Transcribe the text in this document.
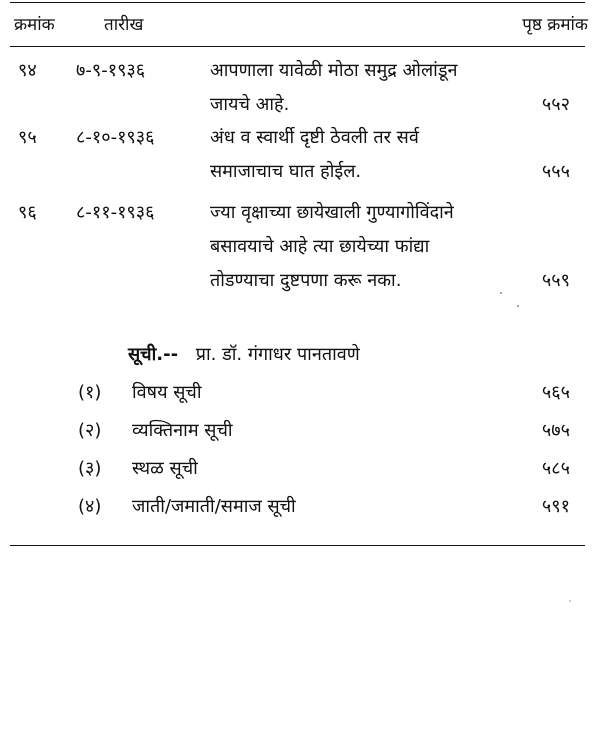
क्रमांक	तारीख	पृष्ठ क्रमांक
९४ ७-९-१९३६	आपणाला यावेळी मोठा समुद्र ओलांडून
जायचे आहे.	५५२
९५ ८-१०-१९३६	अंध व स्वार्थी दृष्टी ठेवली तर सर्व
समाजाचाच घात होईल.	५५५
९६ ८-११-१९३६	ज्या वृक्षाच्या छायेखाली गुण्यागोविंदाने
बसावयाचे आहे त्या छायेच्या फांद्या
तोडण्याचा दुष्टपणा करू नका.	५५९
सूची.-- प्रा. डॉ. गंगाधर पानतावणे
(१) विषय सूची	५६५
(२) व्यक्तिनाम सूची	५७५
(३) स्थळ सूची	५८५
(४) जाती/जमाती/समाज सूची	५९१
